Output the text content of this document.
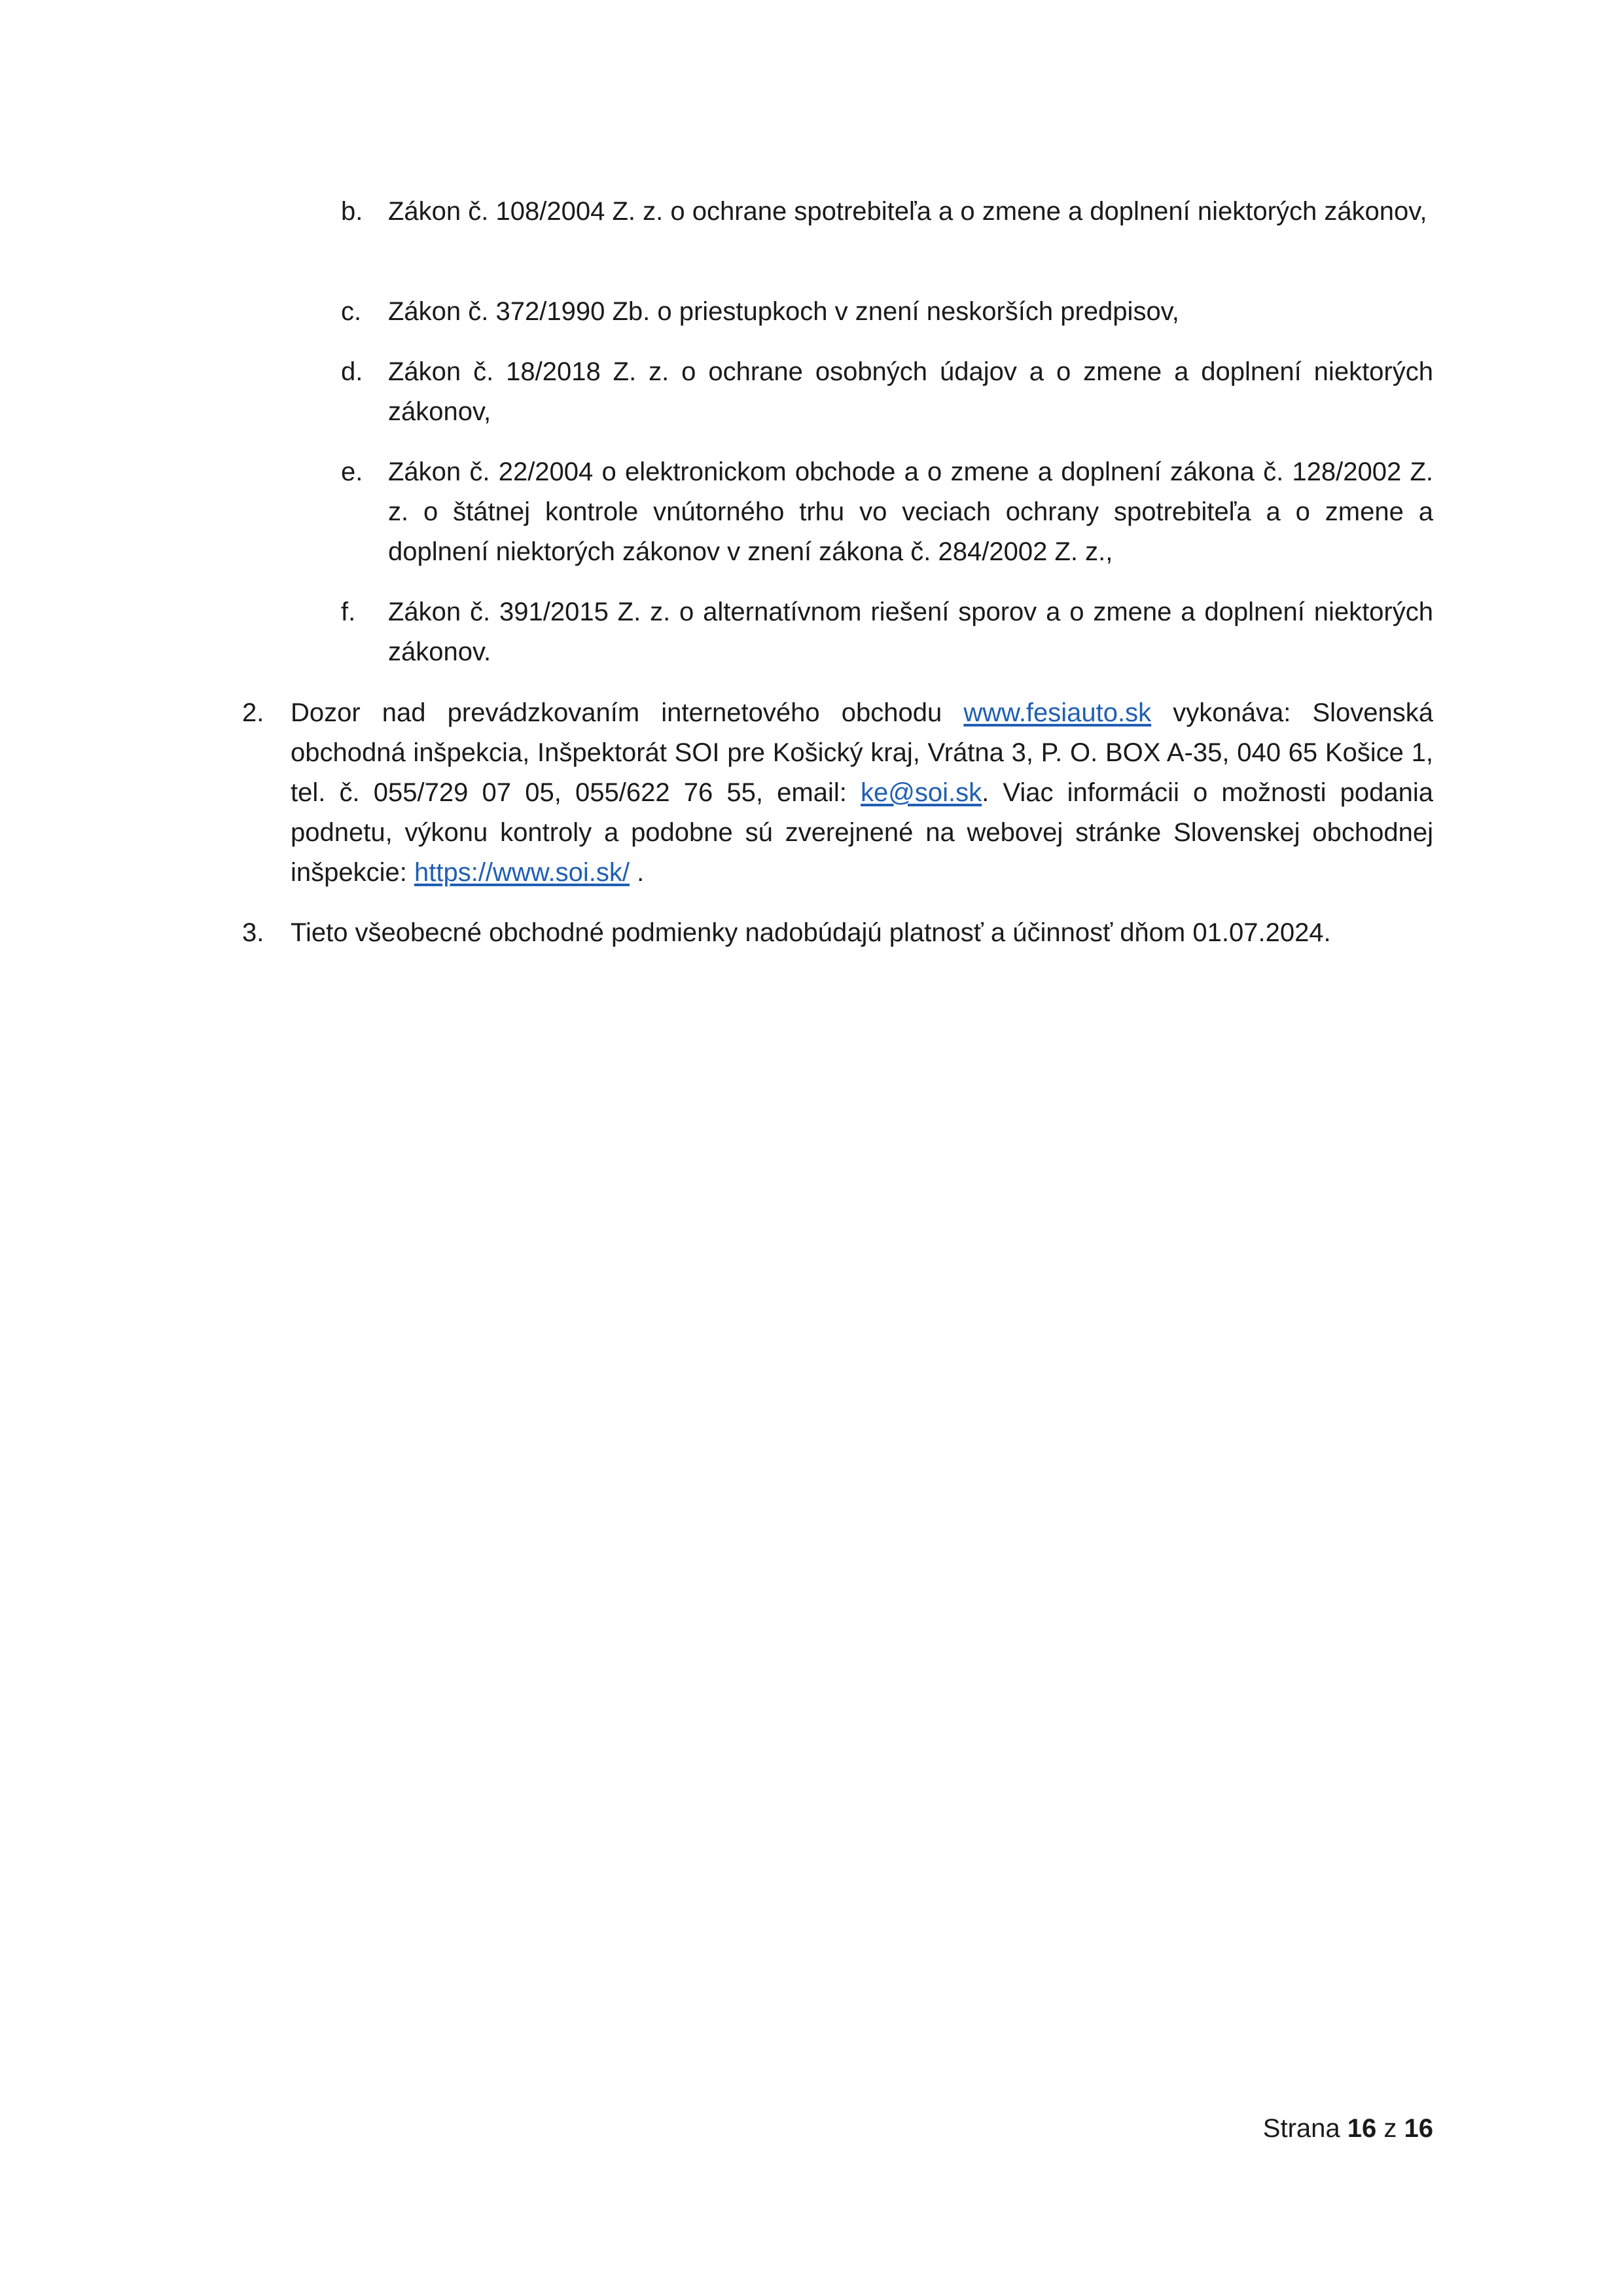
b. Zákon č. 108/2004 Z. z. o ochrane spotrebiteľa a o zmene a doplnení niektorých zákonov,

c. Zákon č. 372/1990 Zb. o priestupkoch v znení neskorších predpisov,

d. Zákon č. 18/2018 Z. z. o ochrane osobných údajov a o zmene a doplnení niektorých zákonov,

e. Zákon č. 22/2004 o elektronickom obchode a o zmene a doplnení zákona č. 128/2002 Z. z. o štátnej kontrole vnútorného trhu vo veciach ochrany spotrebiteľa a o zmene a doplnení niektorých zákonov v znení zákona č. 284/2002 Z. z.,

f. Zákon č. 391/2015 Z. z. o alternatívnom riešení sporov a o zmene a doplnení niektorých zákonov.

2. Dozor nad prevádzkovaním internetového obchodu www.fesiauto.sk vykonáva: Slovenská obchodná inšpekcia, Inšpektorát SOI pre Košický kraj, Vrátna 3, P. O. BOX A-35, 040 65 Košice 1, tel. č. 055/729 07 05, 055/622 76 55, email: ke@soi.sk. Viac informácii o možnosti podania podnetu, výkonu kontroly a podobne sú zverejnené na webovej stránke Slovenskej obchodnej inšpekcie: https://www.soi.sk/ .

3. Tieto všeobecné obchodné podmienky nadobúdajú platnosť a účinnosť dňom 01.07.2024.

Strana 16 z 16
